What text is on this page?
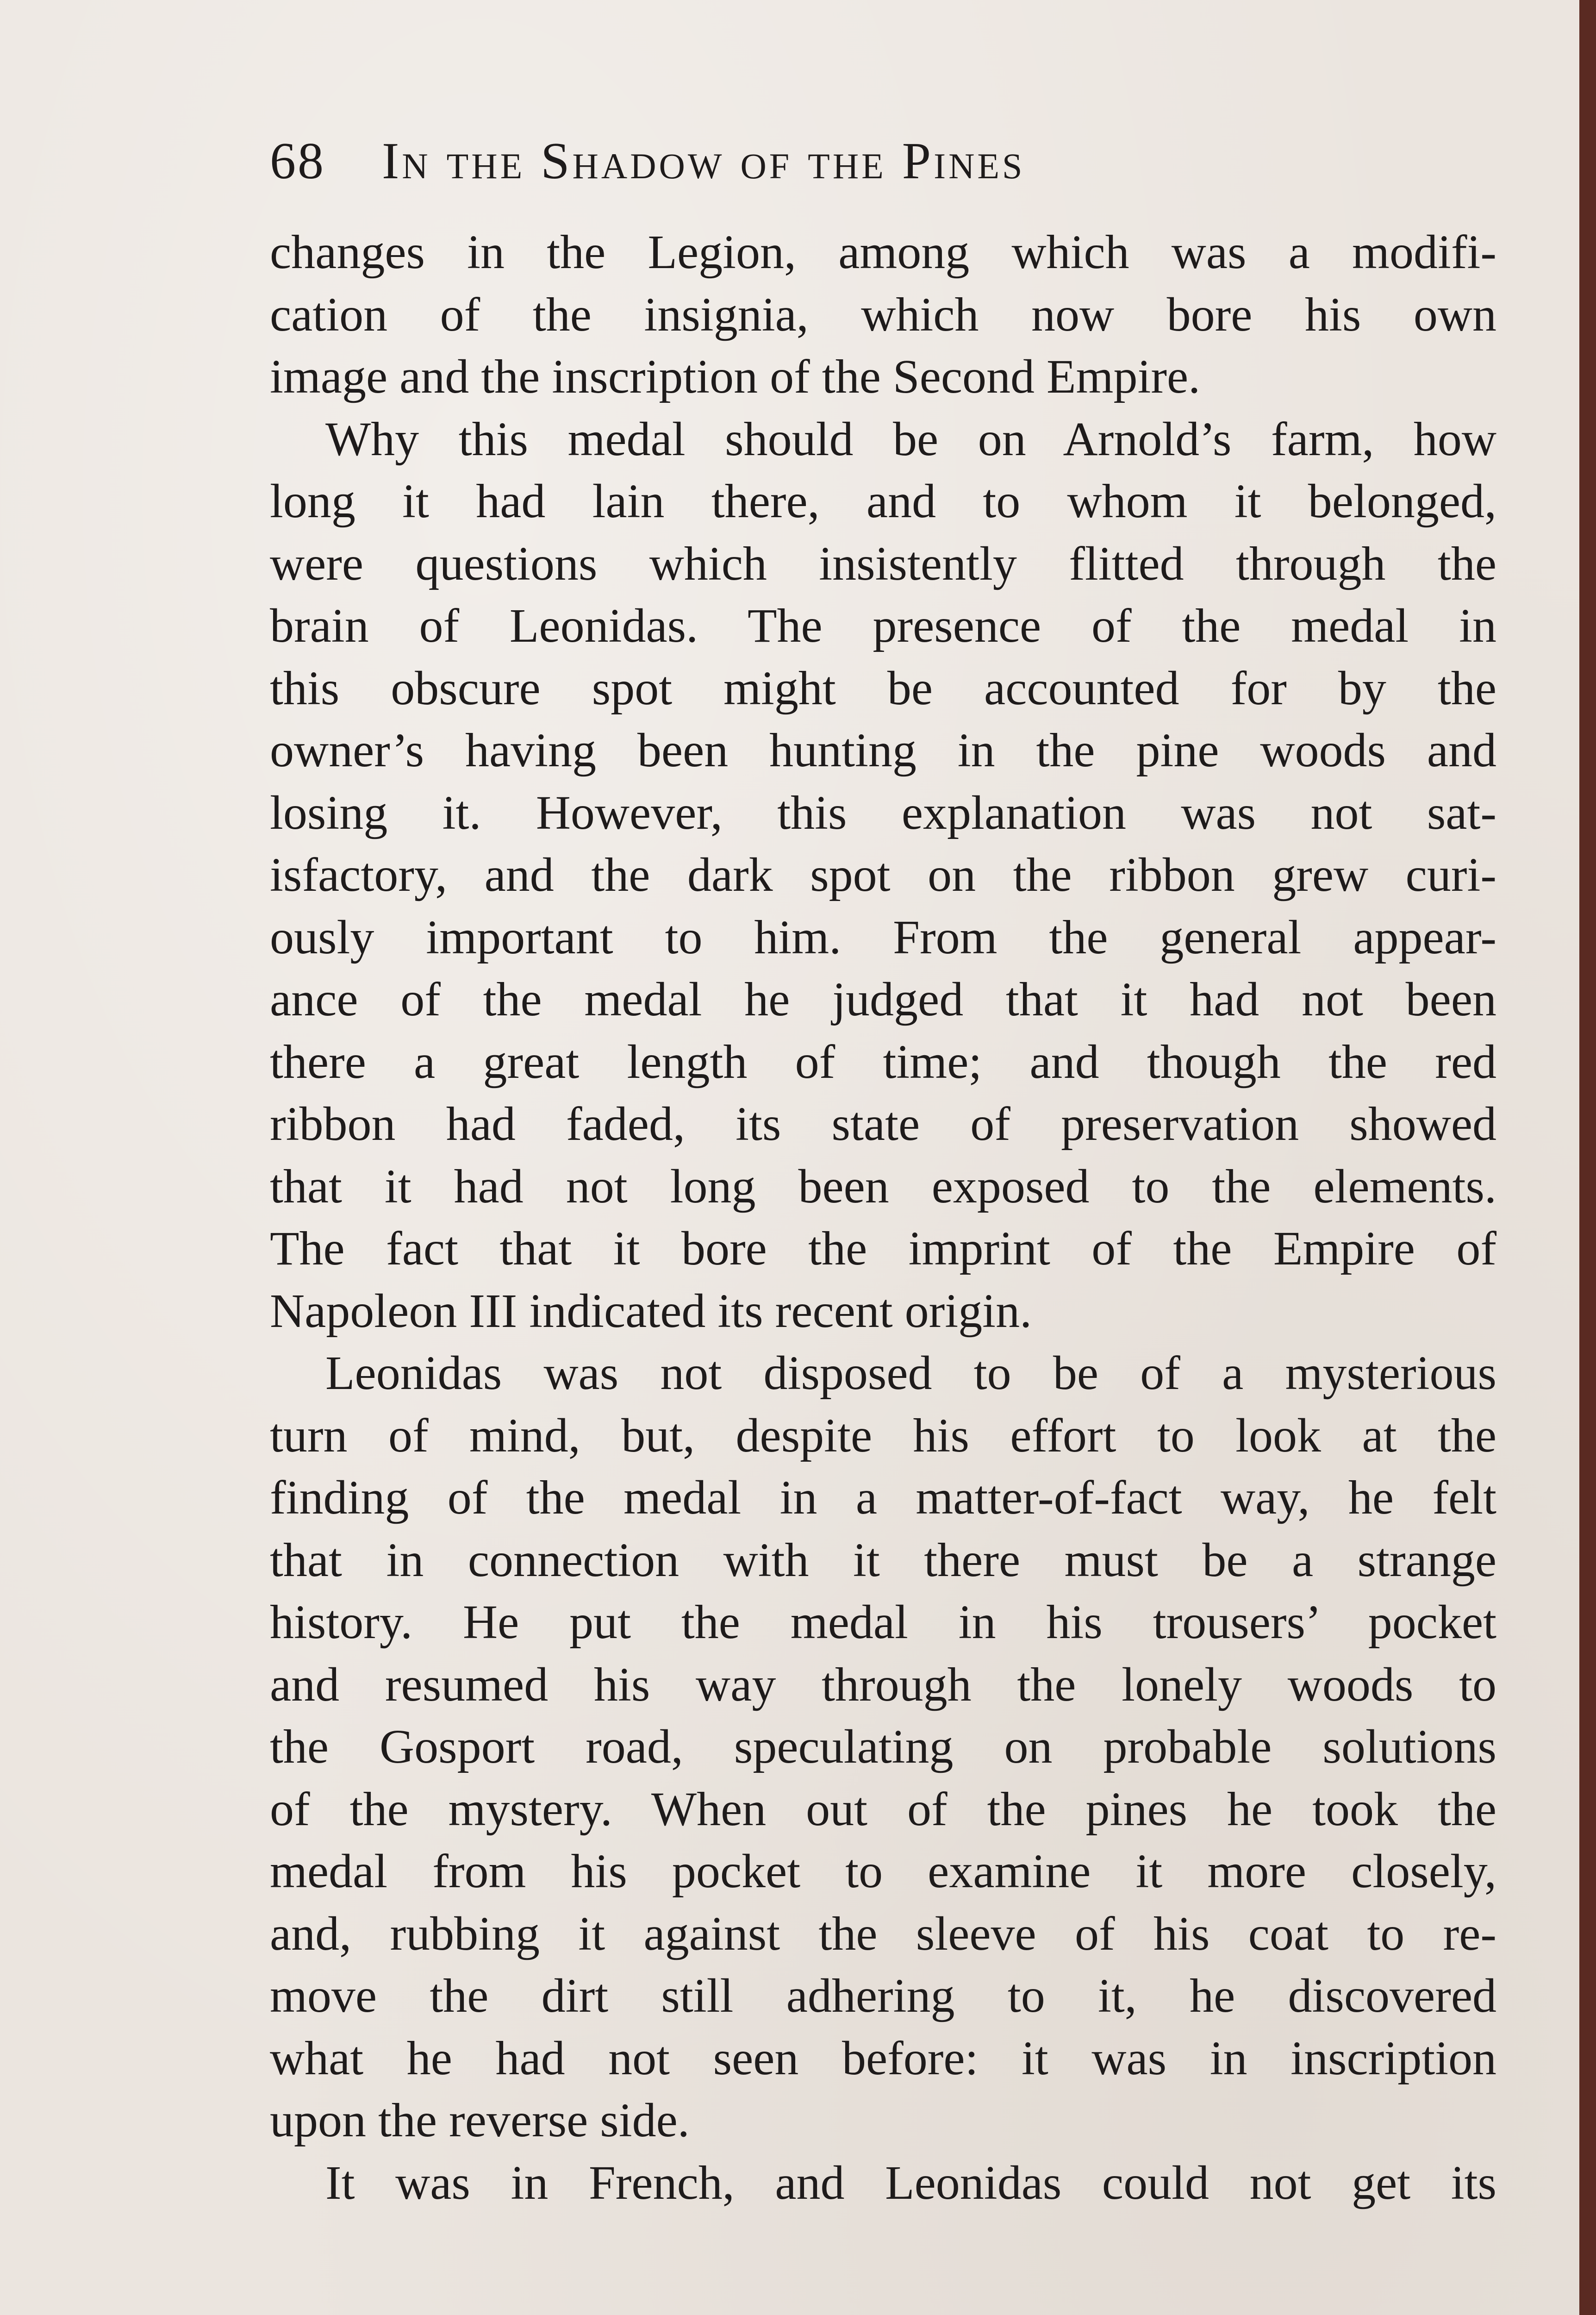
68 In the Shadow of the Pines
changes in the Legion, among which was a modifi-
cation of the insignia, which now bore his own
image and the inscription of the Second Empire.
Why this medal should be on Arnold’s farm, how
long it had lain there, and to whom it belonged,
were questions which insistently flitted through the
brain of Leonidas. The presence of the medal in
this obscure spot might be accounted for by the
owner’s having been hunting in the pine woods and
losing it. However, this explanation was not sat-
isfactory, and the dark spot on the ribbon grew curi-
ously important to him. From the general appear-
ance of the medal he judged that it had not been
there a great length of time; and though the red
ribbon had faded, its state of preservation showed
that it had not long been exposed to the elements.
The fact that it bore the imprint of the Empire of
Napoleon III indicated its recent origin.
Leonidas was not disposed to be of a mysterious
turn of mind, but, despite his effort to look at the
finding of the medal in a matter-of-fact way, he felt
that in connection with it there must be a strange
history. He put the medal in his trousers’ pocket
and resumed his way through the lonely woods to
the Gosport road, speculating on probable solutions
of the mystery. When out of the pines he took the
medal from his pocket to examine it more closely,
and, rubbing it against the sleeve of his coat to re-
move the dirt still adhering to it, he discovered
what he had not seen before: it was in inscription
upon the reverse side.
It was in French, and Leonidas could not get its
